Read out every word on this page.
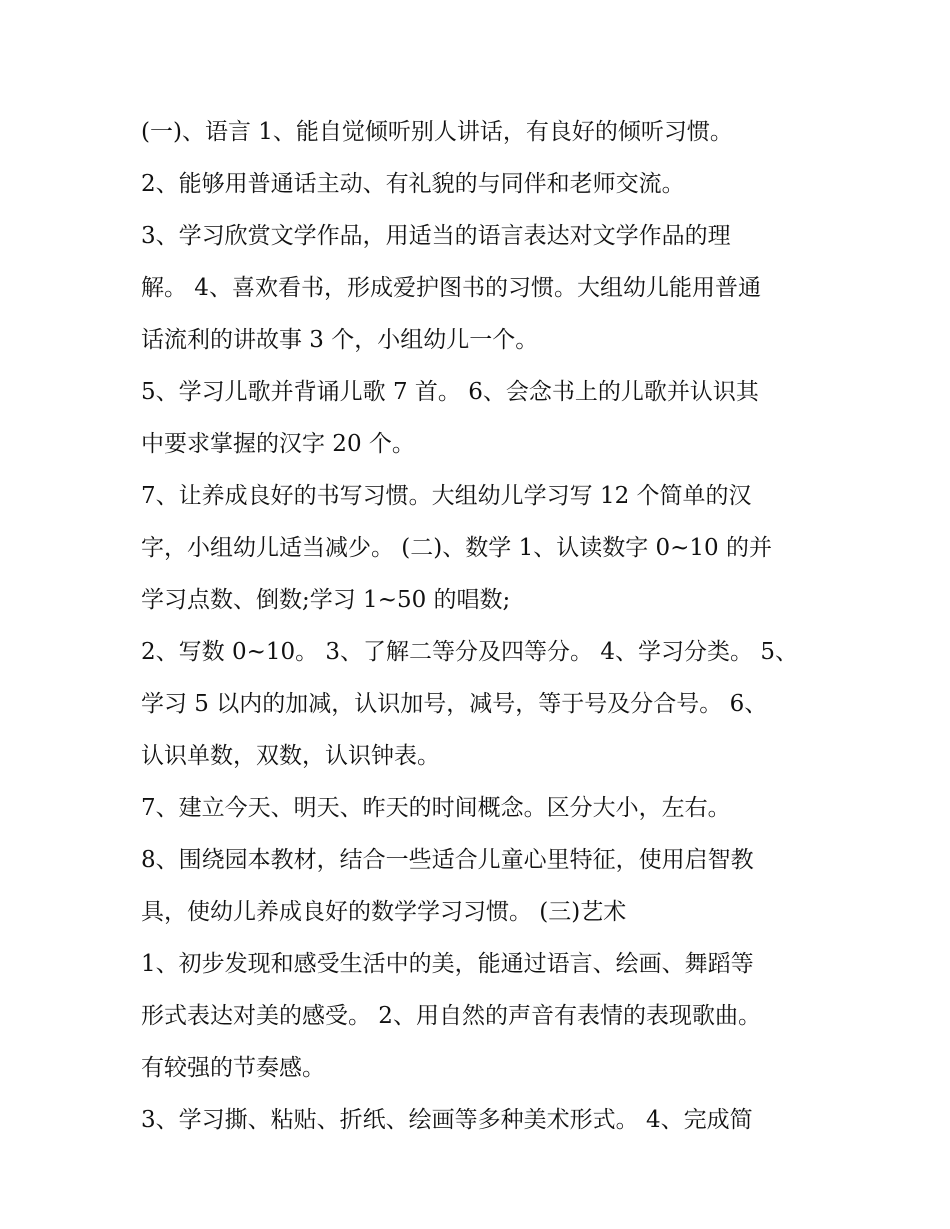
(一)、语言 1、能自觉倾听别人讲话，有良好的倾听习惯。
2、能够用普通话主动、有礼貌的与同伴和老师交流。
3、学习欣赏文学作品，用适当的语言表达对文学作品的理
解。 4、喜欢看书，形成爱护图书的习惯。大组幼儿能用普通
话流利的讲故事 3 个，小组幼儿一个。
5、学习儿歌并背诵儿歌 7 首。 6、会念书上的儿歌并认识其
中要求掌握的汉字 20 个。
7、让养成良好的书写习惯。大组幼儿学习写 12 个简单的汉
字，小组幼儿适当减少。 (二)、数学 1、认读数字 0~10 的并
学习点数、倒数;学习 1~50 的唱数;
2、写数 0~10。 3、了解二等分及四等分。 4、学习分类。 5、
学习 5 以内的加减，认识加号，减号，等于号及分合号。 6、
认识单数，双数，认识钟表。
7、建立今天、明天、昨天的时间概念。区分大小，左右。
8、围绕园本教材，结合一些适合儿童心里特征，使用启智教
具，使幼儿养成良好的数学学习习惯。 (三)艺术
1、初步发现和感受生活中的美，能通过语言、绘画、舞蹈等
形式表达对美的感受。 2、用自然的声音有表情的表现歌曲。
有较强的节奏感。
3、学习撕、粘贴、折纸、绘画等多种美术形式。 4、完成简
